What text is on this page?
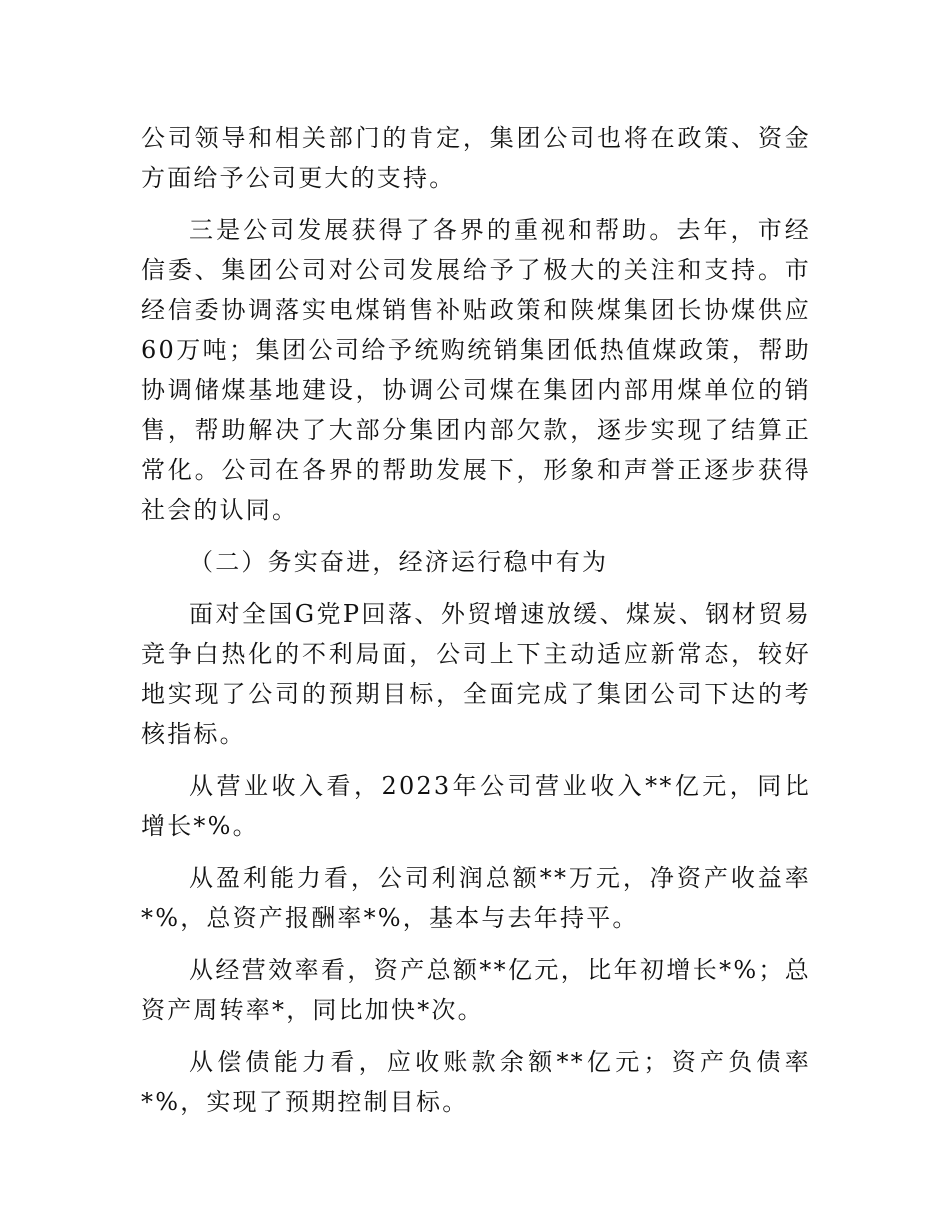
公司领导和相关部门的肯定，集团公司也将在政策、资金方面给予公司更大的支持。

三是公司发展获得了各界的重视和帮助。去年，市经信委、集团公司对公司发展给予了极大的关注和支持。市经信委协调落实电煤销售补贴政策和陕煤集团长协煤供应60万吨；集团公司给予统购统销集团低热值煤政策，帮助协调储煤基地建设，协调公司煤在集团内部用煤单位的销售，帮助解决了大部分集团内部欠款，逐步实现了结算正常化。公司在各界的帮助发展下，形象和声誉正逐步获得社会的认同。

（二）务实奋进，经济运行稳中有为

面对全国G党P回落、外贸增速放缓、煤炭、钢材贸易竞争白热化的不利局面，公司上下主动适应新常态，较好地实现了公司的预期目标，全面完成了集团公司下达的考核指标。

从营业收入看，2023年公司营业收入**亿元，同比增长*%。

从盈利能力看，公司利润总额**万元，净资产收益率*%，总资产报酬率*%，基本与去年持平。

从经营效率看，资产总额**亿元，比年初增长*%；总资产周转率*，同比加快*次。

从偿债能力看，应收账款余额**亿元；资产负债率*%，实现了预期控制目标。
